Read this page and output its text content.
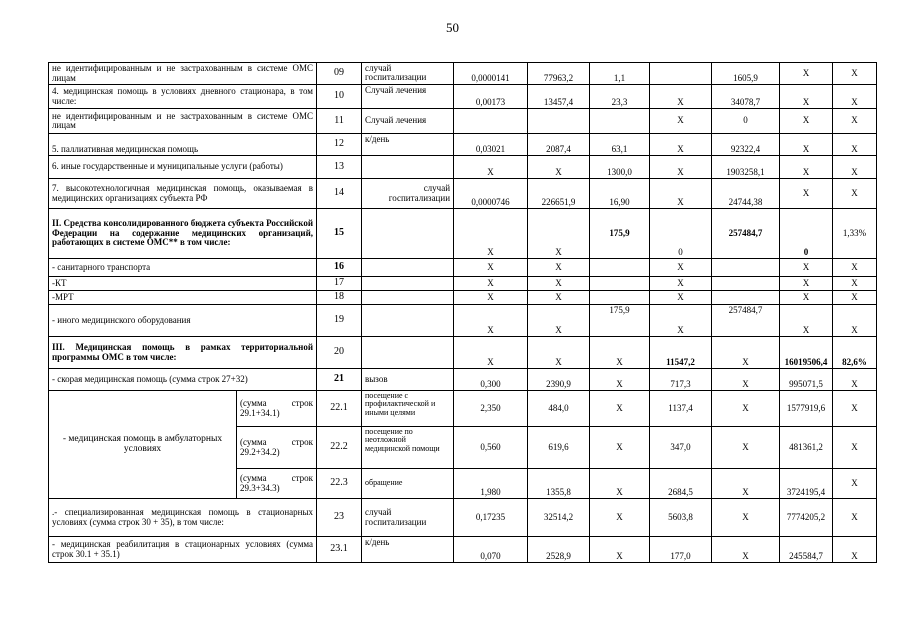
50
не идентифицированным и не застрахованным в системе ОМС лицам		09	случай госпитализации	0,0000141	77963,2	1,1		1605,9	Х	Х
4. медицинская помощь в условиях дневного стационара, в том числе:		10	Случай лечения	0,00173	13457,4	23,3	Х	34078,7	Х	Х
не идентифицированным и не застрахованным в системе ОМС лицам		11	Случай лечения				Х	0	Х	Х
5. паллиативная медицинская помощь		12	к/день	0,03021	2087,4	63,1	Х	92322,4	Х	Х
6. иные государственные и муниципальные услуги (работы)		13		Х	Х	1300,0	Х	1903258,1	Х	Х
7. высокотехнологичная медицинская помощь, оказываемая в медицинских организациях субъекта РФ		14	случай госпитализации	0,0000746	226651,9	16,90	Х	24744,38	Х	Х
II. Средства консолидированного бюджета субъекта Российской Федерации на содержание медицинских организаций, работающих в системе ОМС** в том числе:		15		Х	Х	175,9	0	257484,7	0	1,33%
- санитарного транспорта		16		Х	Х		Х		Х	Х
-КТ		17		Х	Х		Х		Х	Х
-МРТ		18		Х	Х		Х		Х	Х
- иного медицинского оборудования		19		Х	Х	175,9	Х	257484,7	Х	Х
III. Медицинская помощь в рамках территориальной программы ОМС в том числе:		20		Х	Х	Х	11547,2	Х	16019506,4	82,6%
- скорая медицинская помощь (сумма строк 27+32)		21	вызов	0,300	2390,9	Х	717,3	Х	995071,5	Х
- медицинская помощь в амбулаторных условиях	(сумма строк 29.1+34.1)	22.1	посещение с профилактической и иными целями	2,350	484,0	Х	1137,4	Х	1577919,6	Х
	(сумма строк 29.2+34.2)	22.2	посещение по неотложной медицинской помощи	0,560	619,6	Х	347,0	Х	481361,2	Х
	(сумма строк 29.3+34.3)	22.3	обращение	1,980	1355,8	Х	2684,5	Х	3724195,4	Х
.- специализированная медицинская помощь в стационарных условиях (сумма строк 30 + 35), в том числе:		23	случай госпитализации	0,17235	32514,2	Х	5603,8	Х	7774205,2	Х
- медицинская реабилитация в стационарных условиях (сумма строк 30.1 + 35.1)		23.1	к/день	0,070	2528,9	Х	177,0	Х	245584,7	Х
